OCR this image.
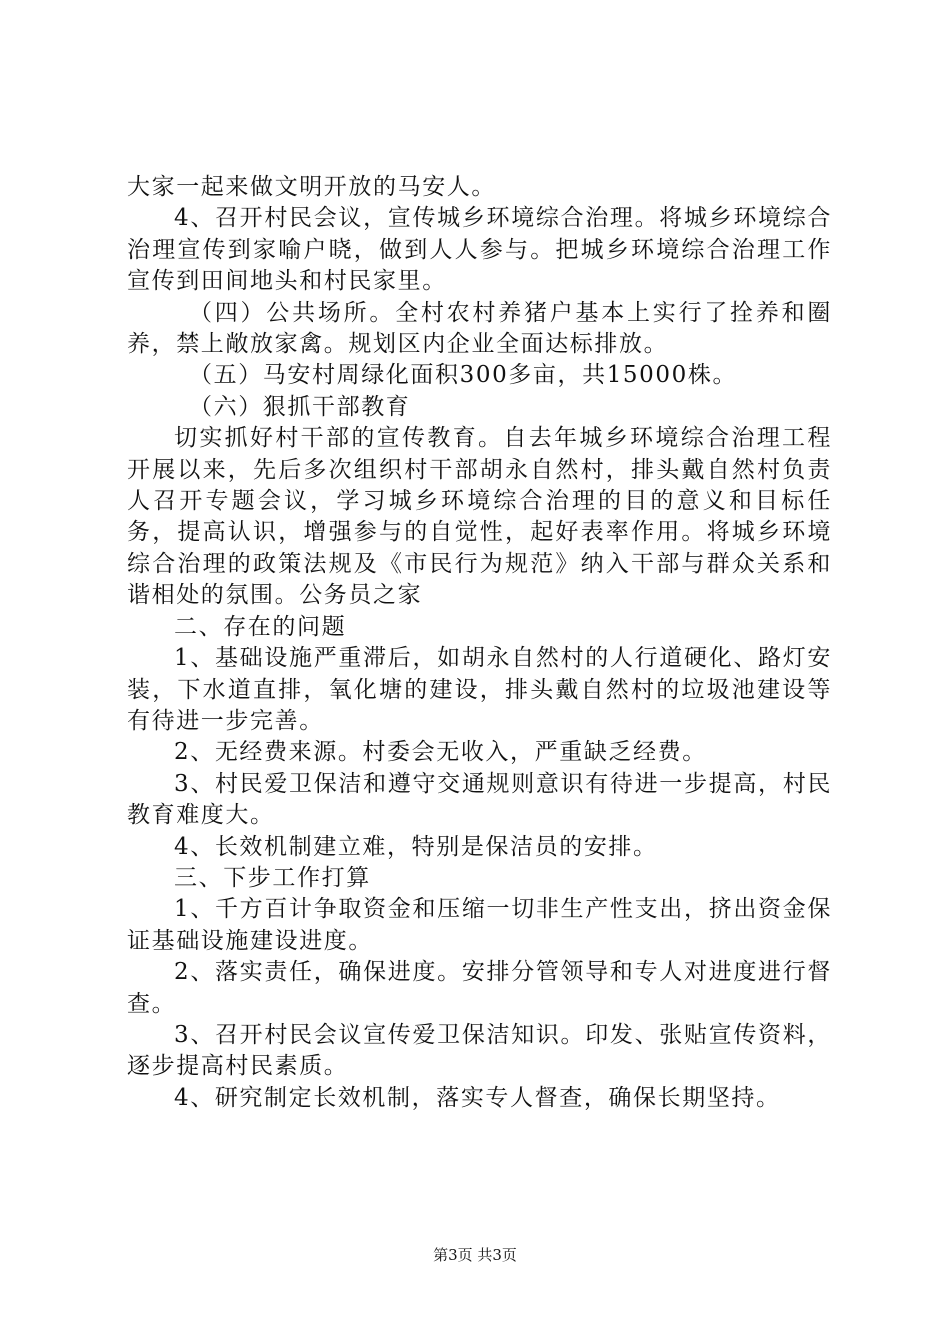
大家一起来做文明开放的马安人。

4、召开村民会议，宣传城乡环境综合治理。将城乡环境综合治理宣传到家喻户晓，做到人人参与。把城乡环境综合治理工作宣传到田间地头和村民家里。

（四）公共场所。全村农村养猪户基本上实行了拴养和圈养，禁上敞放家禽。规划区内企业全面达标排放。

（五）马安村周绿化面积300多亩，共15000株。

（六）狠抓干部教育

切实抓好村干部的宣传教育。自去年城乡环境综合治理工程开展以来，先后多次组织村干部胡永自然村，排头戴自然村负责人召开专题会议，学习城乡环境综合治理的目的意义和目标任务，提高认识，增强参与的自觉性，起好表率作用。将城乡环境综合治理的政策法规及《市民行为规范》纳入干部与群众关系和谐相处的氛围。公务员之家

二、存在的问题

1、基础设施严重滞后，如胡永自然村的人行道硬化、路灯安装，下水道直排，氧化塘的建设，排头戴自然村的垃圾池建设等有待进一步完善。

2、无经费来源。村委会无收入，严重缺乏经费。

3、村民爱卫保洁和遵守交通规则意识有待进一步提高，村民教育难度大。

4、长效机制建立难，特别是保洁员的安排。

三、下步工作打算

1、千方百计争取资金和压缩一切非生产性支出，挤出资金保证基础设施建设进度。

2、落实责任，确保进度。安排分管领导和专人对进度进行督查。

3、召开村民会议宣传爱卫保洁知识。印发、张贴宣传资料，逐步提高村民素质。

4、研究制定长效机制，落实专人督查，确保长期坚持。

第3页 共3页
